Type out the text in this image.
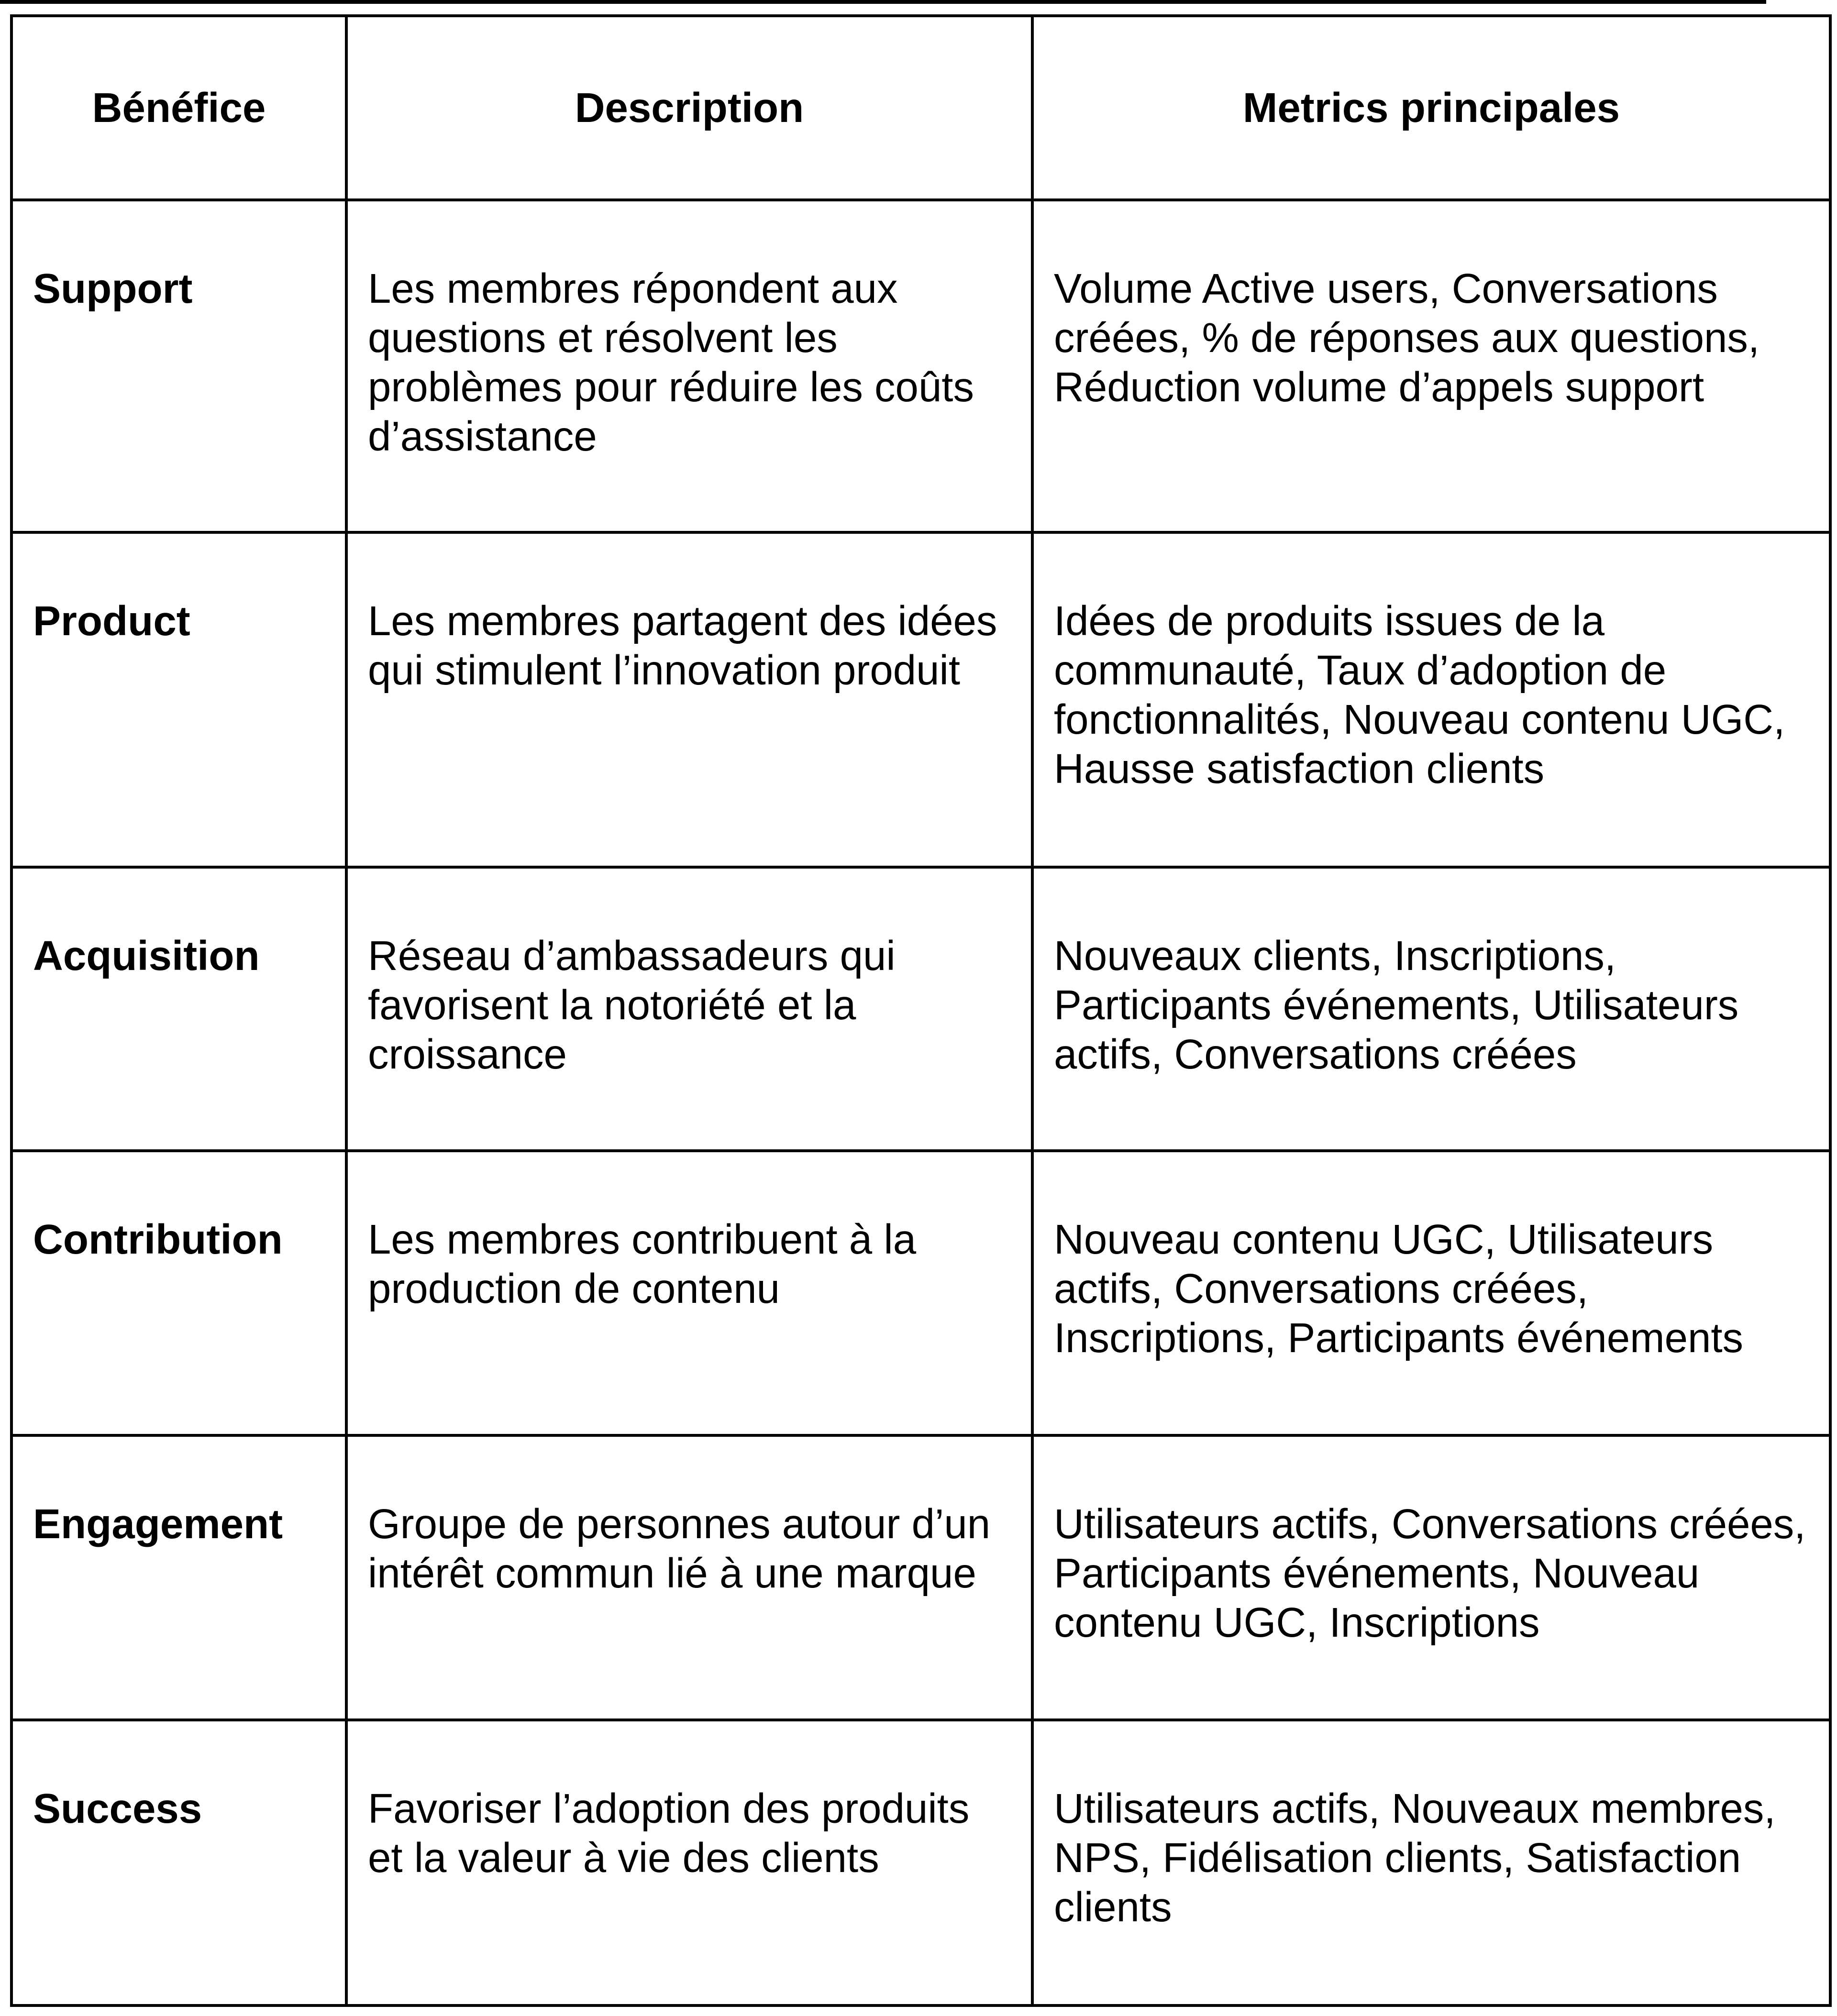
Bénéfice	Description	Metrics principales
Support	Les membres répondent aux questions et résolvent les problèmes pour réduire les coûts d’assistance	Volume Active users, Conversations créées, % de réponses aux questions, Réduction volume d’appels support
Product	Les membres partagent des idées qui stimulent l’innovation produit	Idées de produits issues de la communauté, Taux d’adoption de fonctionnalités, Nouveau contenu UGC, Hausse satisfaction clients
Acquisition	Réseau d’ambassadeurs qui favorisent la notoriété et la croissance	Nouveaux clients, Inscriptions, Participants événements, Utilisateurs actifs, Conversations créées
Contribution	Les membres contribuent à la production de contenu	Nouveau contenu UGC, Utilisateurs actifs, Conversations créées, Inscriptions, Participants événements
Engagement	Groupe de personnes autour d’un intérêt commun lié à une marque	Utilisateurs actifs, Conversations créées, Participants événements, Nouveau contenu UGC, Inscriptions
Success	Favoriser l’adoption des produits et la valeur à vie des clients	Utilisateurs actifs, Nouveaux membres, NPS, Fidélisation clients, Satisfaction clients
